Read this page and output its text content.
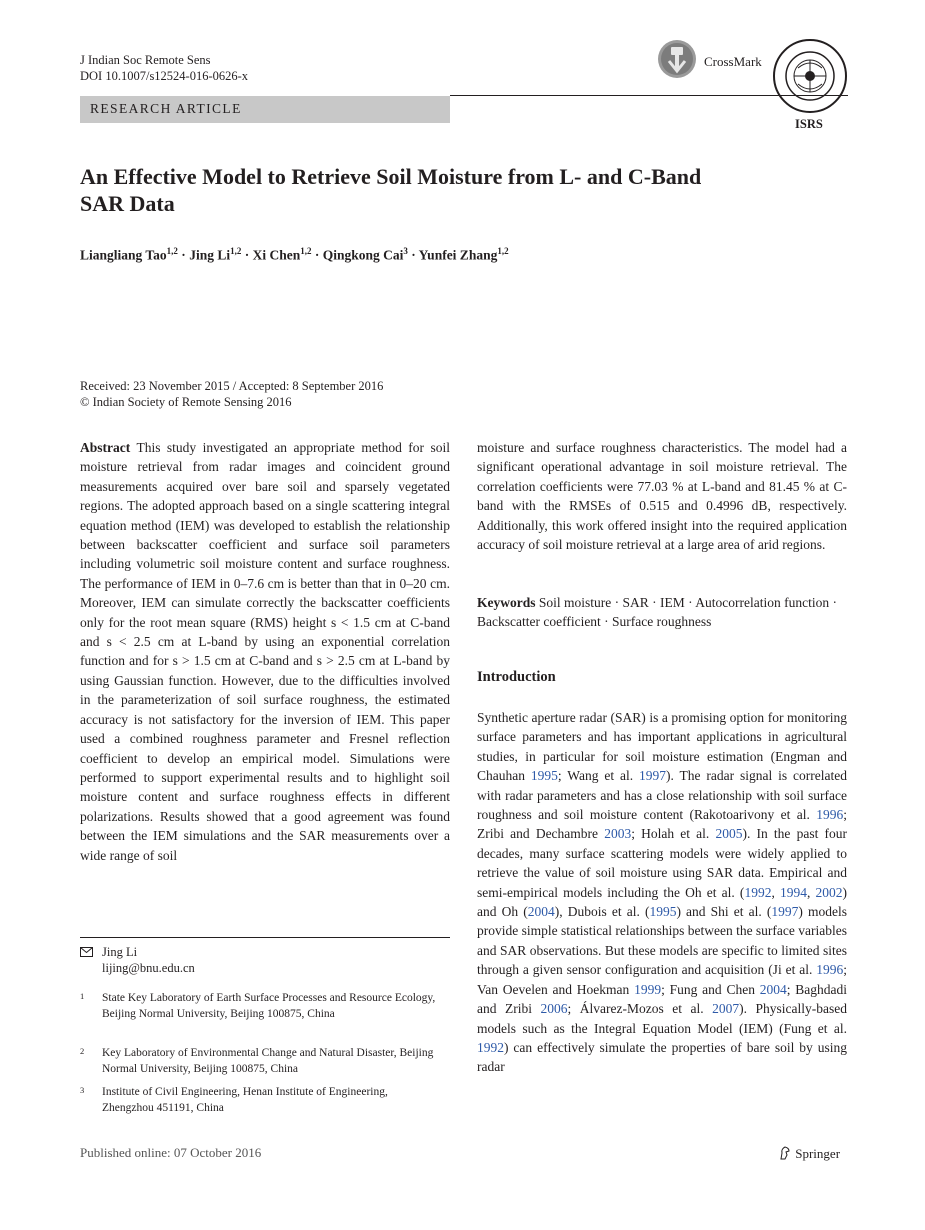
J Indian Soc Remote Sens
DOI 10.1007/s12524-016-0626-x
RESEARCH ARTICLE
CrossMark
ISRS
An Effective Model to Retrieve Soil Moisture from L- and C-Band
SAR Data
Liangliang Tao$^{1,2}$ · Jing Li$^{1,2}$ · Xi Chen$^{1,2}$ · Qingkong Cai$^3$ · Yunfei Zhang$^{1,2}$
Received: 23 November 2015 / Accepted: 8 September 2016
© Indian Society of Remote Sensing 2016
Abstract This study investigated an appropriate method for soil moisture retrieval from radar images and coincident ground measurements acquired over bare soil and sparsely vegetated regions. The adopted approach based on a single scattering integral equation method (IEM) was developed to establish the relationship between backscatter coefficient and surface soil parameters including volumetric soil moisture content and surface roughness. The performance of IEM in 0–7.6 cm is better than that in 0–20 cm. Moreover, IEM can simulate correctly the backscatter coefficients only for the root mean square (RMS) height s < 1.5 cm at C-band and s < 2.5 cm at L-band by using an exponential correlation function and for s > 1.5 cm at C-band and s > 2.5 cm at L-band by using Gaussian function. However, due to the difficulties involved in the parameterization of soil surface roughness, the estimated accuracy is not satisfactory for the inversion of IEM. This paper used a combined roughness parameter and Fresnel reflection coefficient to develop an empirical model. Simulations were performed to support experimental results and to highlight soil moisture content and surface roughness effects in different polarizations. Results showed that a good agreement was found between the IEM simulations and the SAR measurements over a wide range of soil
moisture and surface roughness characteristics. The model had a significant operational advantage in soil moisture retrieval. The correlation coefficients were 77.03 % at L-band and 81.45 % at C-band with the RMSEs of 0.515 and 0.4996 dB, respectively. Additionally, this work offered insight into the required application accuracy of soil moisture retrieval at a large area of arid regions.
Keywords Soil moisture · SAR · IEM · Autocorrelation function · Backscatter coefficient · Surface roughness
Introduction
Synthetic aperture radar (SAR) is a promising option for monitoring surface parameters and has important applications in agricultural studies, in particular for soil moisture estimation (Engman and Chauhan 1995; Wang et al. 1997). The radar signal is correlated with radar parameters and has a close relationship with soil surface roughness and soil moisture content (Rakotoarivony et al. 1996; Zribi and Dechambre 2003; Holah et al. 2005). In the past four decades, many surface scattering models were widely applied to retrieve the value of soil moisture using SAR data. Empirical and semi-empirical models including the Oh et al. (1992, 1994, 2002) and Oh (2004), Dubois et al. (1995) and Shi et al. (1997) models provide simple statistical relationships between the surface variables and SAR observations. But these models are specific to limited sites through a given sensor configuration and acquisition (Ji et al. 1996; Van Oevelen and Hoekman 1999; Fung and Chen 2004; Baghdadi and Zribi 2006; Álvarez-Mozos et al. 2007). Physically-based models such as the Integral Equation Model (IEM) (Fung et al. 1992) can effectively simulate the properties of bare soil by using radar
Jing Li
lijing@bnu.edu.cn
1 State Key Laboratory of Earth Surface Processes and Resource Ecology, Beijing Normal University, Beijing 100875, China
2 Key Laboratory of Environmental Change and Natural Disaster, Beijing Normal University, Beijing 100875, China
3 Institute of Civil Engineering, Henan Institute of Engineering, Zhengzhou 451191, China
Published online: 07 October 2016	Springer
